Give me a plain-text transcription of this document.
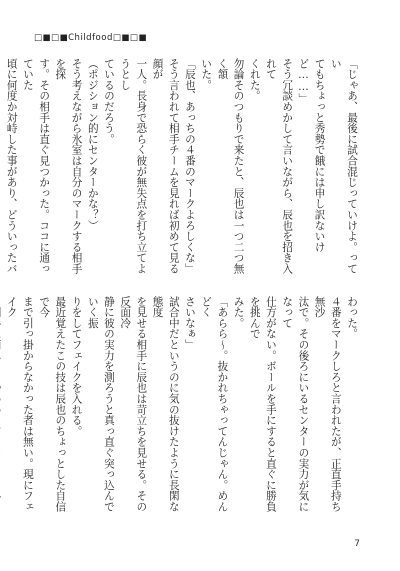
□■□■Childfood□■□■

「じゃあ、最後に試合混じっていけよ。ってい

てもちょっと秀勢で餓には申し訳ないけど……」

そう冗談めかして言いながら、辰也を招き入れて

くれた。

勿論そのつもりで来たと、辰也は一つ二つ無く頷

いた。

「辰也、あっちの４番のマークよろしくな」

そう言われて相手チームを見れば初めて見る顔が

一人。長身で恐らく彼が無失点を打ち立てようとし

ているのだろう。

（ポジション的にセンターかな？）

そう考えながら氷室は自分のマークする相手を探

す。その相手は直ぐ見つかった。ココに通っていた

頃に何度か対峙した事があり、どういったバ

わった。

４番をマークしろと言われたが、正直手持ち無沙

汰で。その後ろにいるセンターの実力が気になって

仕方がない。ボールを手にすると直ぐに勝負を挑んで

みた。

「あらら～。抜かれちゃってんじゃん。めんどく

さいなぁ」

試合中だというのに気の抜けたように長閑な態度

を見せる相手に辰也は苛立ちを見せる。その反面冷

静に彼の実力を測ろうと真っ直ぐ突っ込んでいく振

りをしてフェイクを入れる。

最近覚えたこの技は辰也のちょっとした自信で今

まで引っ掛からなかった者は無い。現にフェイク

7
